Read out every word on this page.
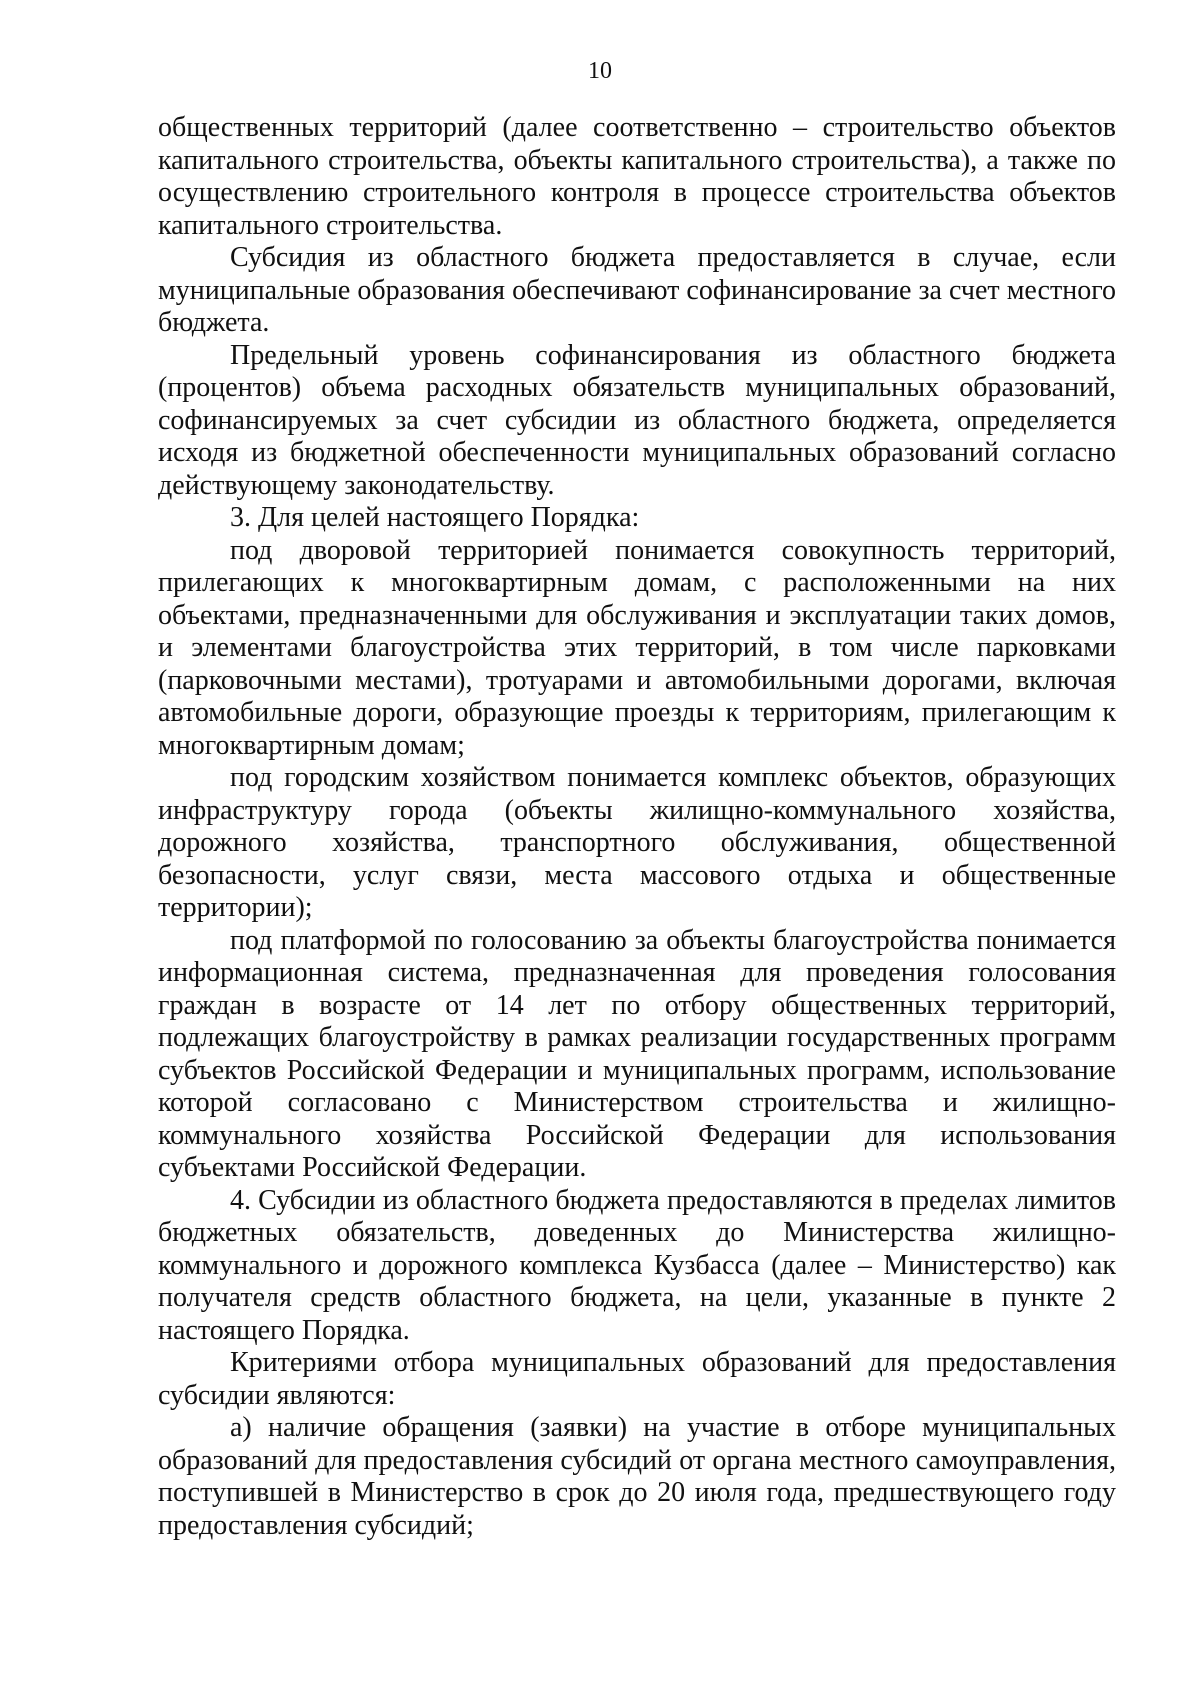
10

общественных территорий (далее соответственно – строительство объектов капитального строительства, объекты капитального строительства), а также по осуществлению строительного контроля в процессе строительства объектов капитального строительства.

Субсидия из областного бюджета предоставляется в случае, если муниципальные образования обеспечивают софинансирование за счет местного бюджета.

Предельный уровень софинансирования из областного бюджета (процентов) объема расходных обязательств муниципальных образований, софинансируемых за счет субсидии из областного бюджета, определяется исходя из бюджетной обеспеченности муниципальных образований согласно действующему законодательству.

3. Для целей настоящего Порядка:

под дворовой территорией понимается совокупность территорий, прилегающих к многоквартирным домам, с расположенными на них объектами, предназначенными для обслуживания и эксплуатации таких домов, и элементами благоустройства этих территорий, в том числе парковками (парковочными местами), тротуарами и автомобильными дорогами, включая автомобильные дороги, образующие проезды к территориям, прилегающим к многоквартирным домам;

под городским хозяйством понимается комплекс объектов, образующих инфраструктуру города (объекты жилищно-коммунального хозяйства, дорожного хозяйства, транспортного обслуживания, общественной безопасности, услуг связи, места массового отдыха и общественные территории);

под платформой по голосованию за объекты благоустройства понимается информационная система, предназначенная для проведения голосования граждан в возрасте от 14 лет по отбору общественных территорий, подлежащих благоустройству в рамках реализации государственных программ субъектов Российской Федерации и муниципальных программ, использование которой согласовано с Министерством строительства и жилищно-коммунального хозяйства Российской Федерации для использования субъектами Российской Федерации.

4. Субсидии из областного бюджета предоставляются в пределах лимитов бюджетных обязательств, доведенных до Министерства жилищно-коммунального и дорожного комплекса Кузбасса (далее – Министерство) как получателя средств областного бюджета, на цели, указанные в пункте 2 настоящего Порядка.

Критериями отбора муниципальных образований для предоставления субсидии являются:

а) наличие обращения (заявки) на участие в отборе муниципальных образований для предоставления субсидий от органа местного самоуправления, поступившей в Министерство в срок до 20 июля года, предшествующего году предоставления субсидий;
